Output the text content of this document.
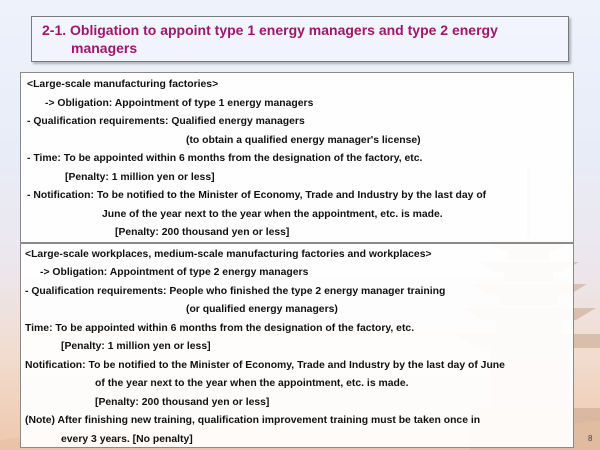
2-1. Obligation to appoint type 1 energy managers and type 2 energy
managers
<Large-scale manufacturing factories>
-> Obligation: Appointment of type 1 energy managers
- Qualification requirements: Qualified energy managers
(to obtain a qualified energy manager's license)
- Time: To be appointed within 6 months from the designation of the factory, etc.
[Penalty: 1 million yen or less]
- Notification: To be notified to the Minister of Economy, Trade and Industry by the last day of
June of the year next to the year when the appointment, etc. is made.
[Penalty: 200 thousand yen or less]
<Large-scale workplaces, medium-scale manufacturing factories and workplaces>
-> Obligation: Appointment of type 2 energy managers
- Qualification requirements: People who finished the type 2 energy manager training
(or qualified energy managers)
Time: To be appointed within 6 months from the designation of the factory, etc.
[Penalty: 1 million yen or less]
Notification: To be notified to the Minister of Economy, Trade and Industry by the last day of June
of the year next to the year when the appointment, etc. is made.
[Penalty: 200 thousand yen or less]
(Note) After finishing new training, qualification improvement training must be taken once in
every 3 years. [No penalty]	8
